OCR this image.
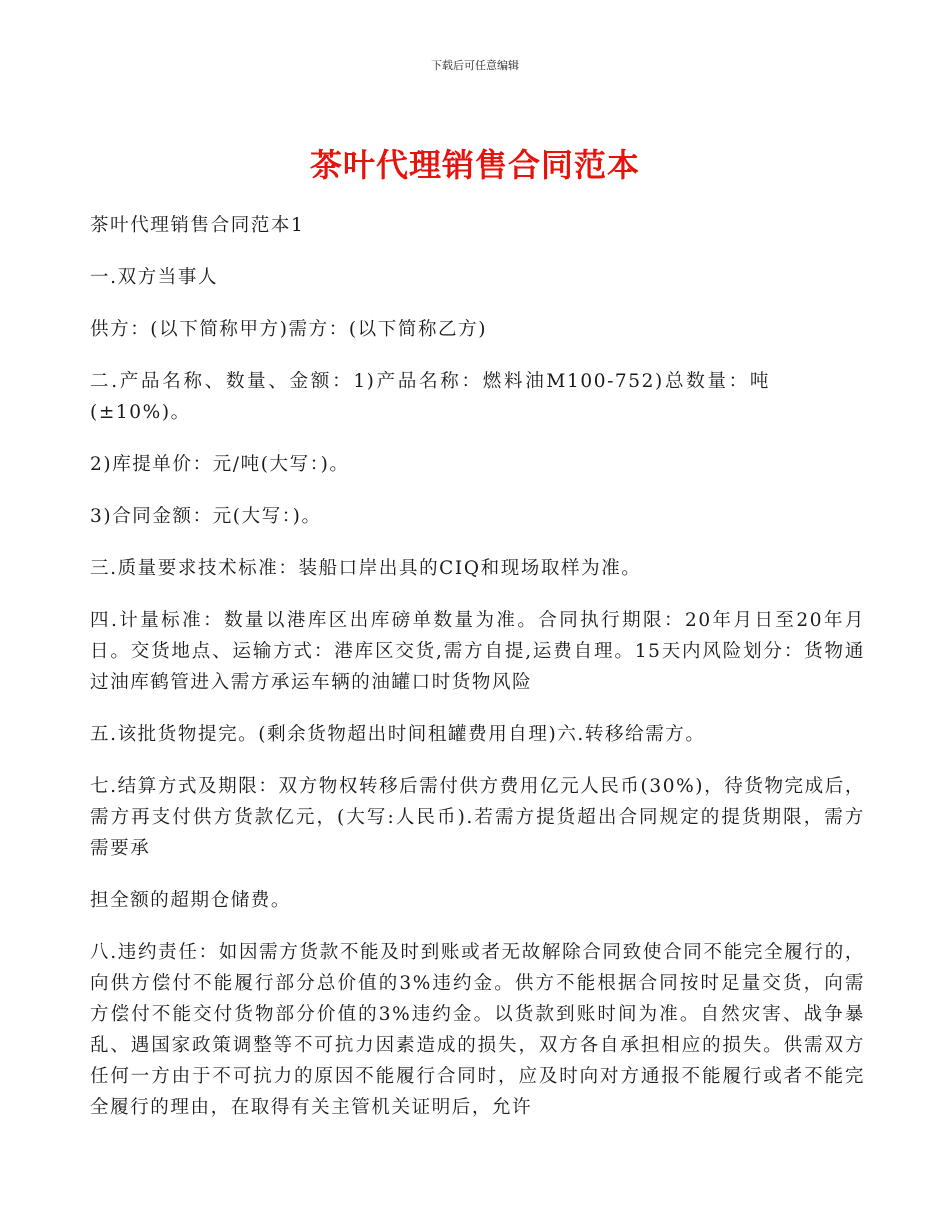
下载后可任意编辑
茶叶代理销售合同范本

茶叶代理销售合同范本1

一.双方当事人

供方：(以下简称甲方)需方：(以下简称乙方)

二.产品名称、数量、金额：1)产品名称：燃料油M100-752)总数量：吨(±10%)。

2)库提单价：元/吨(大写：)。

3)合同金额：元(大写：)。

三.质量要求技术标准：装船口岸出具的CIQ和现场取样为准。

四.计量标准：数量以港库区出库磅单数量为准。合同执行期限：20年月日至20年月日。交货地点、运输方式：港库区交货,需方自提,运费自理。15天内风险划分：货物通过油库鹤管进入需方承运车辆的油罐口时货物风险

五.该批货物提完。(剩余货物超出时间租罐费用自理)六.转移给需方。

七.结算方式及期限：双方物权转移后需付供方费用亿元人民币(30%)，待货物完成后，需方再支付供方货款亿元，(大写:人民币).若需方提货超出合同规定的提货期限，需方需要承

担全额的超期仓储费。

八.违约责任：如因需方货款不能及时到账或者无故解除合同致使合同不能完全履行的，向供方偿付不能履行部分总价值的3%违约金。供方不能根据合同按时足量交货，向需方偿付不能交付货物部分价值的3%违约金。以货款到账时间为准。自然灾害、战争暴乱、遇国家政策调整等不可抗力因素造成的损失，双方各自承担相应的损失。供需双方任何一方由于不可抗力的原因不能履行合同时，应及时向对方通报不能履行或者不能完全履行的理由，在取得有关主管机关证明后，允许
